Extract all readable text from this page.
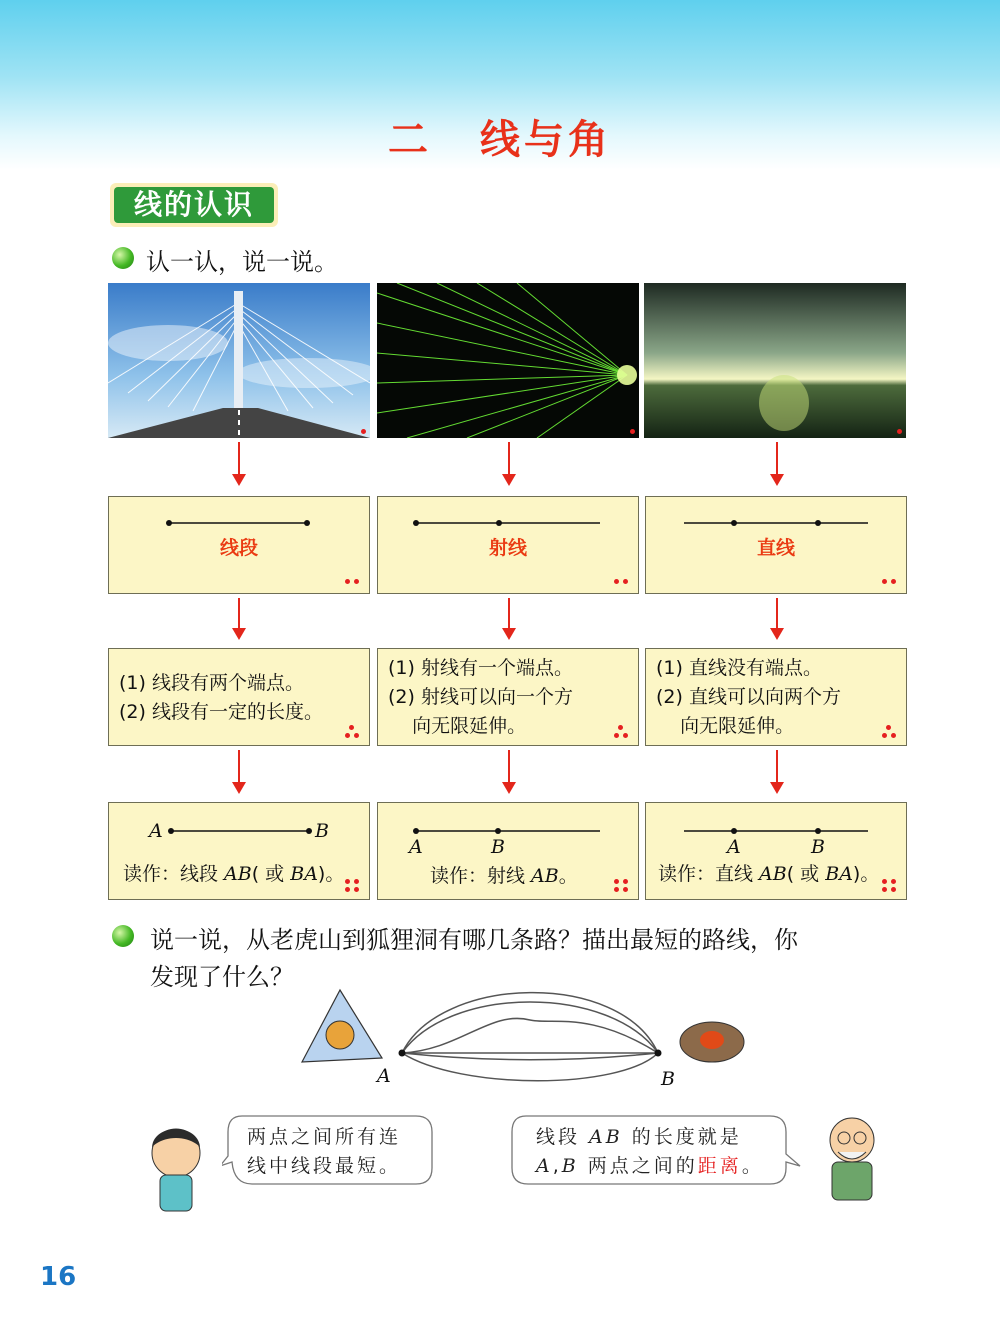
二 线与角
线的认识
认一认，说一说。
线段	射线	直线
(1) 线段有两个端点。
(2) 线段有一定的长度。
(1) 射线有一个端点。
(2) 射线可以向一个方
向无限延伸。
(1) 直线没有端点。
(2) 直线可以向两个方
向无限延伸。
A	B
读作：线段 AB( 或 BA)。
A	B
读作：射线 AB。
A	B
读作：直线 AB( 或 BA)。
说一说，从老虎山到狐狸洞有哪几条路？描出最短的路线，你
发现了什么？
A	B
两点之间所有连
线中线段最短。
线段 AB 的长度就是
A,B 两点之间的距离。
16
